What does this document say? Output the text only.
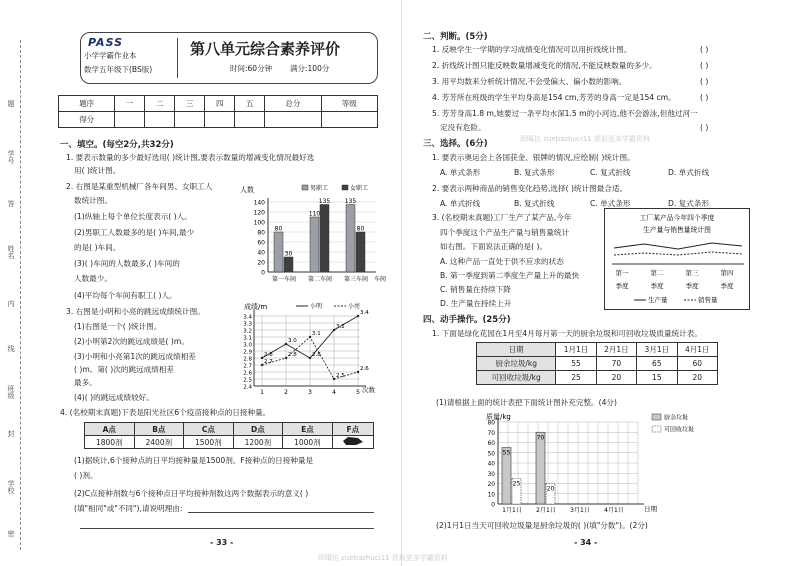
题
学号
答
姓名
内
线
班级
封
学校
密
PASS
小学学霸作业本
数学五年级下(BS版)
第八单元综合素养评价
时间:60分钟 满分:100分
题序	一	二	三	四	五	总分	等级
得分							
一、填空。(每空2分,共32分)
1. 要表示数量的多少最好选用( )统计图,要表示数量的增减变化情况最好选
用( )统计图。
2. 右图是某重型机械厂各车间男、女职工人
数统计图。
(1)纵轴上每个单位长度表示( )人。
(2)男职工人数最多的是( )车间,最少
的是( )车间。
(3)( )车间的人数最多,( )车间的
人数最少。
(4)平均每个车间有职工( )人。
人数
0
20
40
60
80
100
120
140
80
30
第一车间
110
135
第二车间
135
80
第三车间 车间
男职工	女职工
3. 右图是小明和小亮的跳远成绩统计图。
(1)右图是一个( )统计图。
(2)小明第2次的跳远成绩是( )m。
(3)小明和小亮第1次的跳远成绩相差
( )m。第( )次的跳远成绩相差
最多。
(4)( )的跳远成绩较好。
成绩/m	小明	小亮
2.4
2.5
2.6
2.7
2.8
2.9
3.0
3.1
3.2
3.3
3.4
1	2	3	4	5
2.8
3.0
2.8
3.2
3.4
2.7
2.8
3.1
2.5
2.6
次数
4. (名校期末真题)下表是阳光社区6个疫苗接种点的日接种量。
A点	B点	C点	D点	E点	F点
1800剂	2400剂	1500剂	1200剂	1000剂	
(1)据统计,6个接种点的日平均接种量是1500剂。F接种点的日接种量是
( )剂。
(2)C点接种剂数与6个接种点日平均接种剂数这两个数据表示的意义( )
(填"相同"或"不同"),请说明理由:
- 33 -
二、判断。(5分)
1. 反映学生一学期的学习成绩变化情况可以用折线统计图。	( )
2. 折线统计图只能反映数量增减变化的情况,不能反映数量的多少。	( )
3. 用平均数来分析统计情况,不会受偏大、偏小数的影响。	( )
4. 芳芳所在班级的学生平均身高是154 cm,芳芳的身高一定是154 cm。	( )
5. 芳芳身高1.8 m,她要过一条平均水深1.5 m的小河边,他不会游泳,但他过河一
定没有危险。	( )
即噶伍 zuebazhuci11 获取更多学霸资料
三、选择。(6分)
1. 要表示奥运会上各国获金、银牌的情况,应绘制( )统计图。
A. 单式条形	B. 复式条形	C. 复式折线	D. 单式折线
2. 要表示两种商品的销售变化趋势,选择( )统计图最合适。
A. 单式折线	B. 复式折线	C. 单式条形	D. 复式条形
3. (名校期末真题)工厂生产了某产品,今年
四个季度这个产品生产量与销售量统计
如右图。下面说法正确的是( )。
A. 这种产品一直处于供不应求的状态
B. 第一季度到第二季度生产量上升的最快
C. 销售量在持续下降
D. 生产量在持续上升
工厂某产品今年四个季度
生产量与销售量统计图
第一
季度
第二
季度
第三
季度
第四
季度
生产量	销售量
四、动手操作。(25分)
1. 下面是绿化花园在1月至4月每月第一天的厨余垃圾和可回收垃圾质量统计表。
日期	1月1日	2月1日	3月1日	4月1日
厨余垃圾/kg	55	70	65	60
可回收垃圾/kg	25	20	15	20
(1)请根据上面的统计表把下面统计图补充完整。(4分)
质量/kg
0
10
20
30
40
50
60
70
80
55
25
1月1日
70
20
2月1日 3月1日 4月1日
厨余垃圾
可回收垃圾
日期
(2)1月1日当天可回收垃圾量是厨余垃圾的( )(填"分数")。(2分)
- 34 -
即噶伍 zuebazhuci11 获取更多学霸资料
